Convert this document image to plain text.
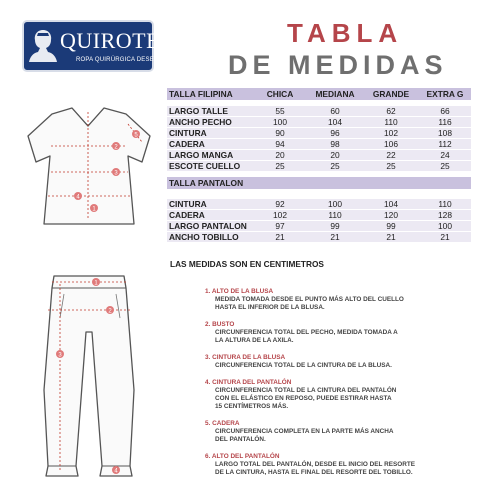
QUIROTEC
ROPA QUIRÚRGICA DESECHABLE
TABLA
DE MEDIDAS
TALLA FILIPINA	CHICA	MEDIANA	GRANDE	EXTRA G

LARGO TALLE	55	60	62	66
ANCHO PECHO	100	104	110	116
CINTURA	90	96	102	108
CADERA	94	98	106	112
LARGO MANGA	20	20	22	24
ESCOTE CUELLO	25	25	25	25

TALLA PANTALON				

CINTURA	92	100	104	110
CADERA	102	110	120	128
LARGO PANTALON	97	99	99	100
ANCHO TOBILLO	21	21	21	21
LAS MEDIDAS SON EN CENTIMETROS
2
3
1
4
5
1
2
3
4
1. ALTO DE LA BLUSA
MEDIDA TOMADA DESDE EL PUNTO MÁS ALTO DEL CUELLO
HASTA EL INFERIOR DE LA BLUSA.
2. BUSTO
CIRCUNFERENCIA TOTAL DEL PECHO, MEDIDA TOMADA A
LA ALTURA DE LA AXILA.
3. CINTURA DE LA BLUSA
CIRCUNFERENCIA TOTAL DE LA CINTURA DE LA BLUSA.
4. CINTURA DEL PANTALÓN
CIRCUNFERENCIA TOTAL DE LA CINTURA DEL PANTALÓN
CON EL ELÁSTICO EN REPOSO, PUEDE ESTIRAR HASTA
15 CENTÍMETROS MÁS.
5. CADERA
CIRCUNFERENCIA COMPLETA EN LA PARTE MÁS ANCHA
DEL PANTALÓN.
6. ALTO DEL PANTALÓN
LARGO TOTAL DEL PANTALÓN, DESDE EL INICIO DEL RESORTE
DE LA CINTURA, HASTA EL FINAL DEL RESORTE DEL TOBILLO.
